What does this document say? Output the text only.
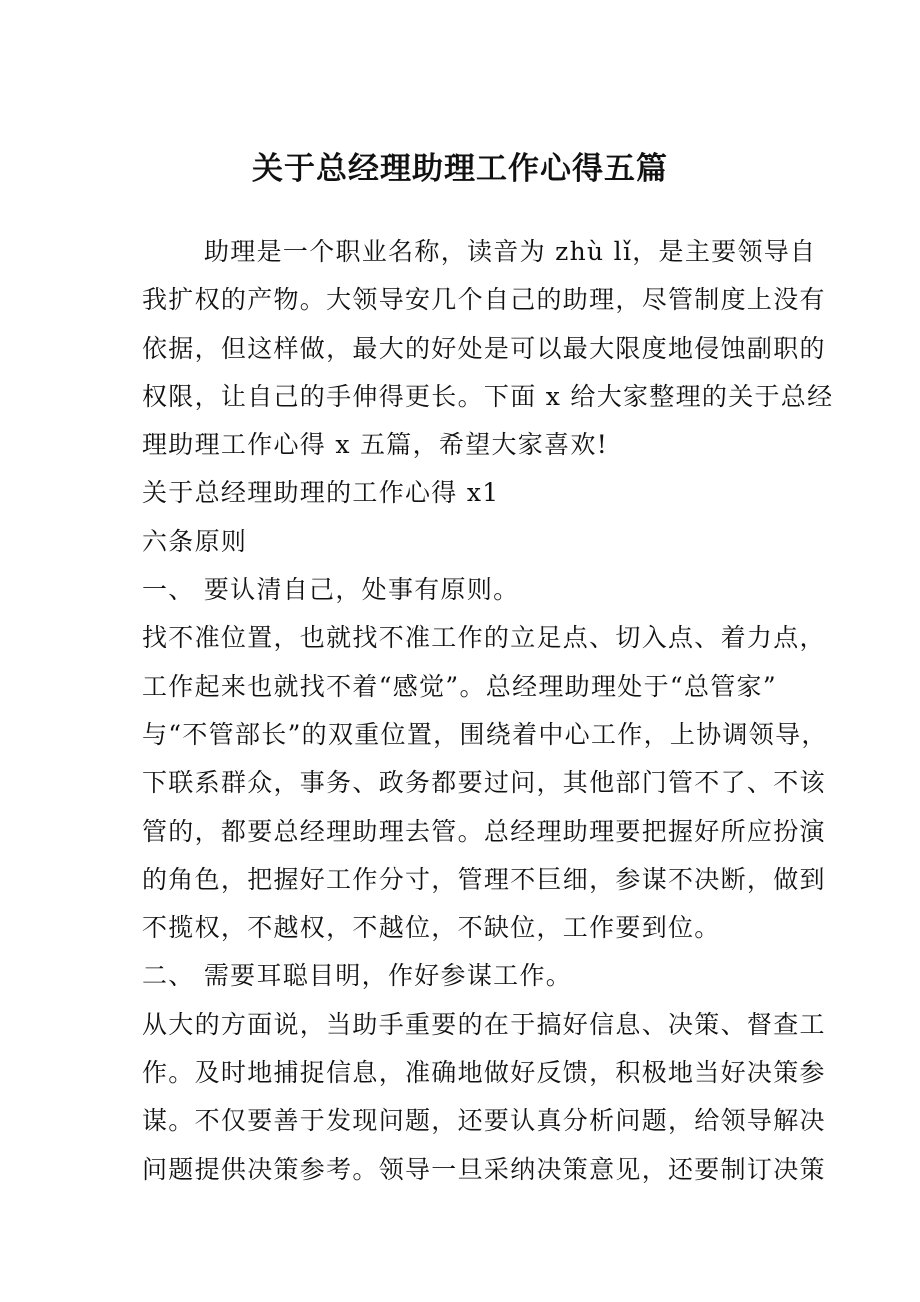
关于总经理助理工作心得五篇
助理是一个职业名称，读音为 zhù lǐ，是主要领导自
我扩权的产物。大领导安几个自己的助理，尽管制度上没有
依据，但这样做，最大的好处是可以最大限度地侵蚀副职的
权限，让自己的手伸得更长。下面 x 给大家整理的关于总经
理助理工作心得 x 五篇，希望大家喜欢!
关于总经理助理的工作心得 x1
六条原则
一、 要认清自己，处事有原则。
找不准位置，也就找不准工作的立足点、切入点、着力点，
工作起来也就找不着“感觉”。总经理助理处于“总管家”
与“不管部长”的双重位置，围绕着中心工作，上协调领导，
下联系群众，事务、政务都要过问，其他部门管不了、不该
管的，都要总经理助理去管。总经理助理要把握好所应扮演
的角色，把握好工作分寸，管理不巨细，参谋不决断，做到
不揽权，不越权，不越位，不缺位，工作要到位。
二、 需要耳聪目明，作好参谋工作。
从大的方面说，当助手重要的在于搞好信息、决策、督查工
作。及时地捕捉信息，准确地做好反馈，积极地当好决策参
谋。不仅要善于发现问题，还要认真分析问题，给领导解决
问题提供决策参考。领导一旦采纳决策意见，还要制订决策
